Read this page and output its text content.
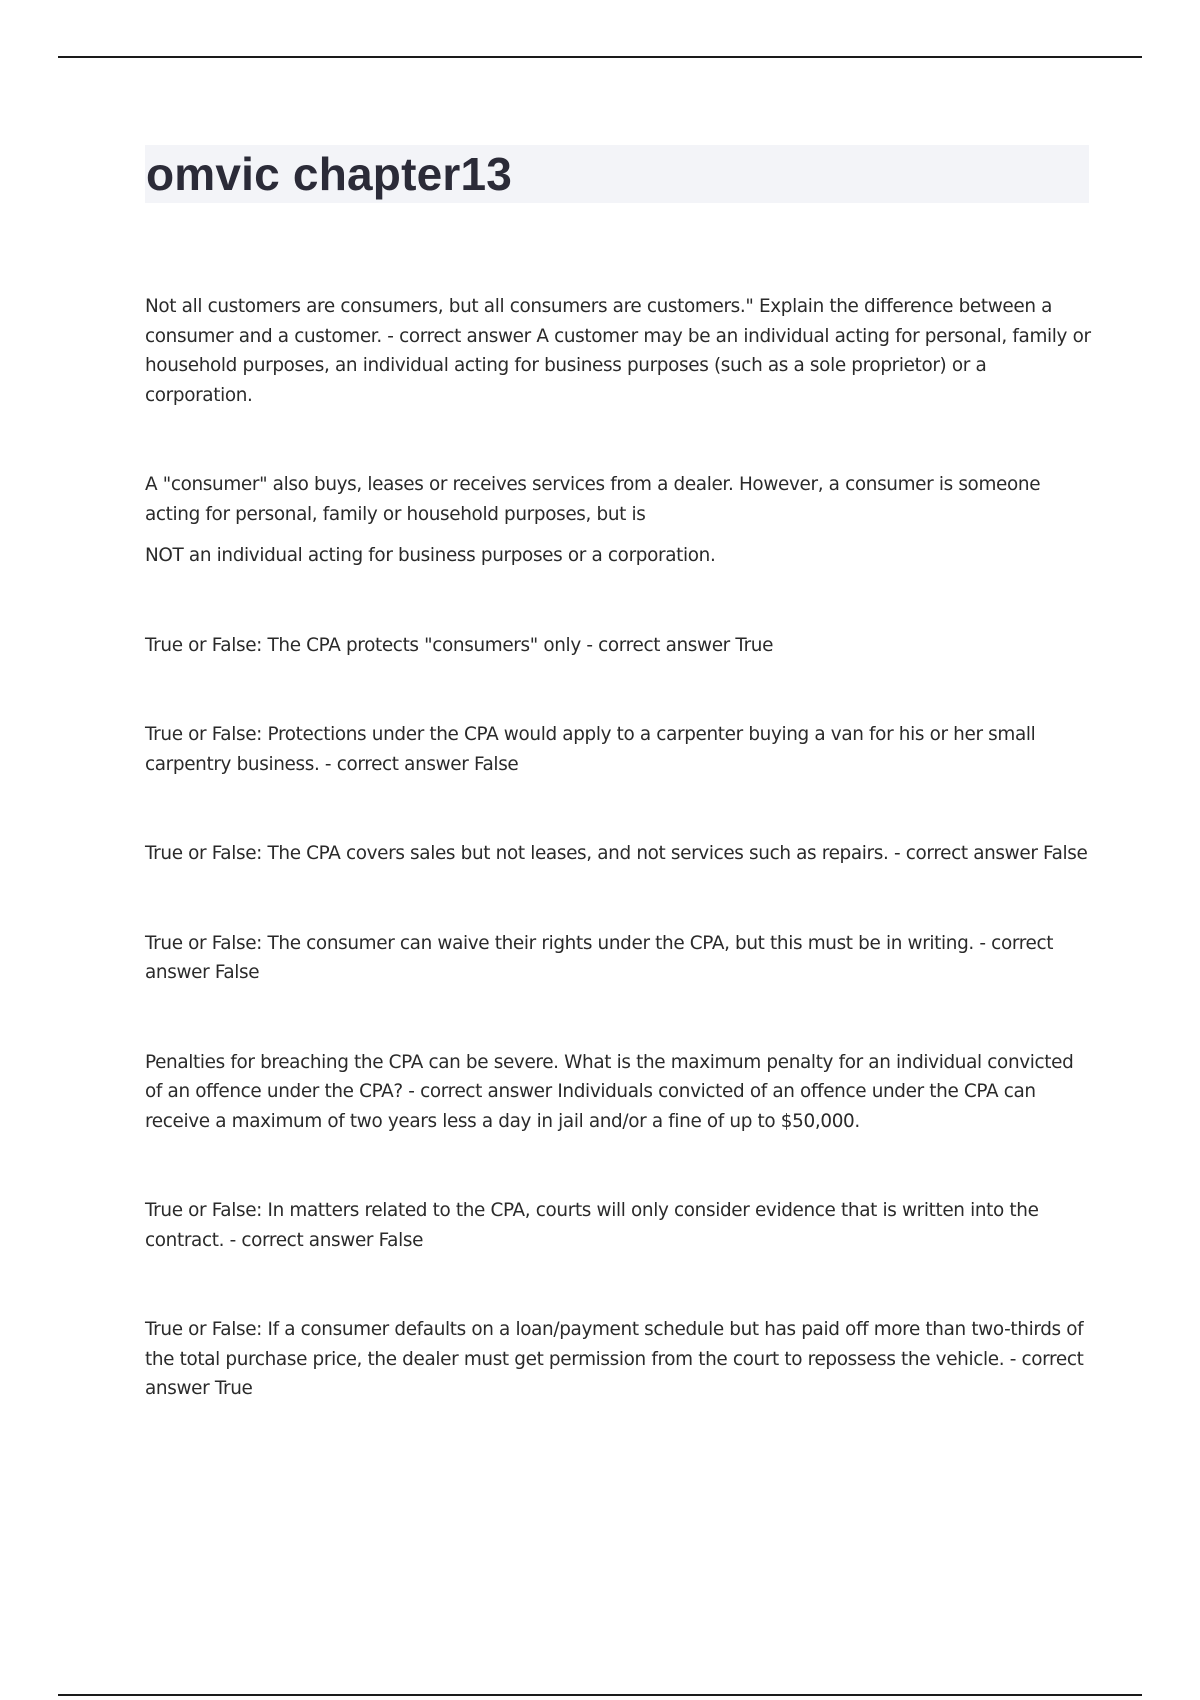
omvic chapter13

Not all customers are consumers, but all consumers are customers." Explain the difference between a consumer and a customer. - correct answer A customer may be an individual acting for personal, family or household purposes, an individual acting for business purposes (such as a sole proprietor) or a corporation.

A "consumer" also buys, leases or receives services from a dealer. However, a consumer is someone acting for personal, family or household purposes, but is

NOT an individual acting for business purposes or a corporation.

True or False: The CPA protects "consumers" only - correct answer True

True or False: Protections under the CPA would apply to a carpenter buying a van for his or her small carpentry business. - correct answer False

True or False: The CPA covers sales but not leases, and not services such as repairs. - correct answer False

True or False: The consumer can waive their rights under the CPA, but this must be in writing. - correct answer False

Penalties for breaching the CPA can be severe. What is the maximum penalty for an individual convicted of an offence under the CPA? - correct answer Individuals convicted of an offence under the CPA can receive a maximum of two years less a day in jail and/or a fine of up to $50,000.

True or False: In matters related to the CPA, courts will only consider evidence that is written into the contract. - correct answer False

True or False: If a consumer defaults on a loan/payment schedule but has paid off more than two-thirds of the total purchase price, the dealer must get permission from the court to repossess the vehicle. - correct answer True
